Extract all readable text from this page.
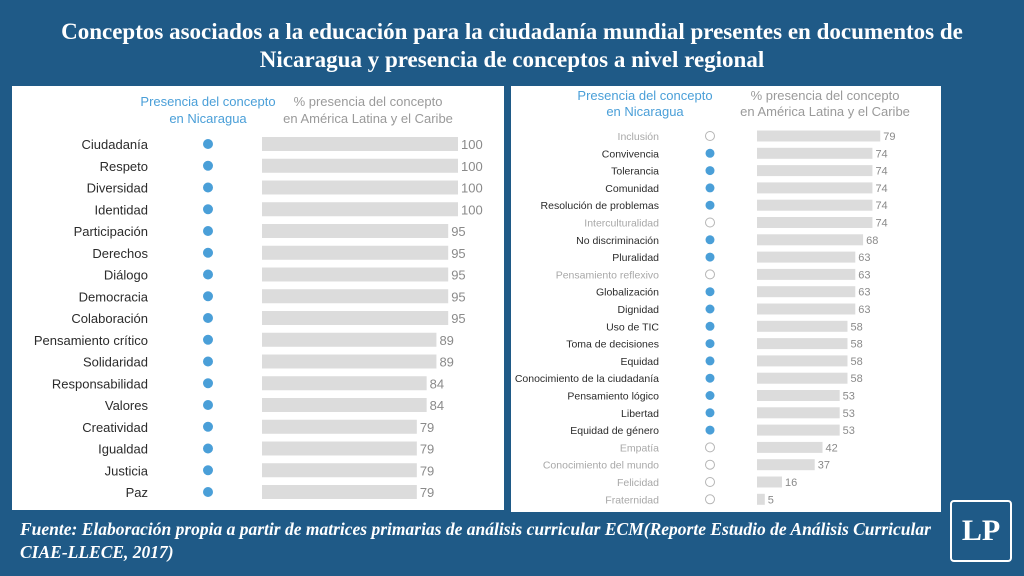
Conceptos asociados a la educación para la ciudadanía mundial presentes en documentos de Nicaragua y presencia de conceptos a nivel regional
Presencia del concepto
en Nicaragua
% presencia del concepto
en América Latina y el Caribe
Ciudadanía	100
Respeto	100
Diversidad	100
Identidad	100
Participación	95
Derechos	95
Diálogo	95
Democracia	95
Colaboración	95
Pensamiento crítico	89
Solidaridad	89
Responsabilidad	84
Valores	84
Creatividad	79
Igualdad	79
Justicia	79
Paz	79
Presencia del concepto
en Nicaragua
% presencia del concepto
en América Latina y el Caribe
Inclusión	79
Convivencia	74
Tolerancia	74
Comunidad	74
Resolución de problemas	74
Interculturalidad	74
No discriminación	68
Pluralidad	63
Pensamiento reflexivo	63
Globalización	63
Dignidad	63
Uso de TIC	58
Toma de decisiones	58
Equidad	58
Conocimiento de la ciudadanía	58
Pensamiento lógico	53
Libertad	53
Equidad de género	53
Empatía	42
Conocimiento del mundo	37
Felicidad	16
Fraternidad	5
Fuente: Elaboración propia a partir de matrices primarias de análisis curricular ECM(Reporte Estudio de Análisis Curricular CIAE-LLECE, 2017)
LP
